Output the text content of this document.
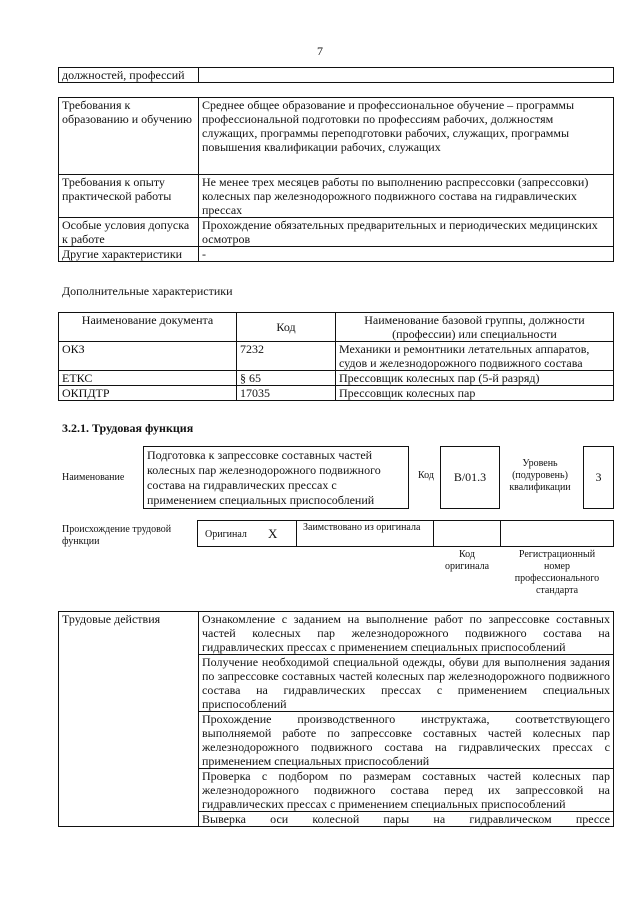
7
должностей, профессий	
Требования к образованию и обучению	Среднее общее образование и профессиональное обучение – программы профессиональной подготовки по профессиям рабочих, должностям служащих, программы переподготовки рабочих, служащих, программы повышения квалификации рабочих, служащих
Требования к опыту практической работы	Не менее трех месяцев работы по выполнению распрессовки (запрессовки) колесных пар железнодорожного подвижного состава на гидравлических прессах
Особые условия допуска к работе	Прохождение обязательных предварительных и периодических медицинских осмотров
Другие характеристики	-
Дополнительные характеристики
Наименование документа	Код	Наименование базовой группы, должности (профессии) или специальности
ОКЗ	7232	Механики и ремонтники летательных аппаратов, судов и железнодорожного подвижного состава
ЕТКС	§ 65	Прессовщик колесных пар (5-й разряд)
ОКПДТР	17035	Прессовщик колесных пар
3.2.1. Трудовая функция
Наименование
Подготовка к запрессовке составных частей колесных пар железнодорожного подвижного состава на гидравлических прессах с применением специальных приспособлений
Код B/01.3
Уровень (подуровень) квалификации
3
Происхождение трудовой функции
Оригинал X	Заимствовано из оригинала
Код оригинала
Регистрационный номер профессионального стандарта
Трудовые действия	Ознакомление с заданием на выполнение работ по запрессовке составных частей колесных пар железнодорожного подвижного состава на гидравлических прессах с применением специальных приспособлений
Получение необходимой специальной одежды, обуви для выполнения задания по запрессовке составных частей колесных пар железнодорожного подвижного состава на гидравлических прессах с применением специальных приспособлений
Прохождение производственного инструктажа, соответствующего выполняемой работе по запрессовке составных частей колесных пар железнодорожного подвижного состава на гидравлических прессах с применением специальных приспособлений
Проверка с подбором по размерам составных частей колесных пар железнодорожного подвижного состава перед их запрессовкой на гидравлических прессах с применением специальных приспособлений
Выверка оси колесной пары на гидравлическом прессе
